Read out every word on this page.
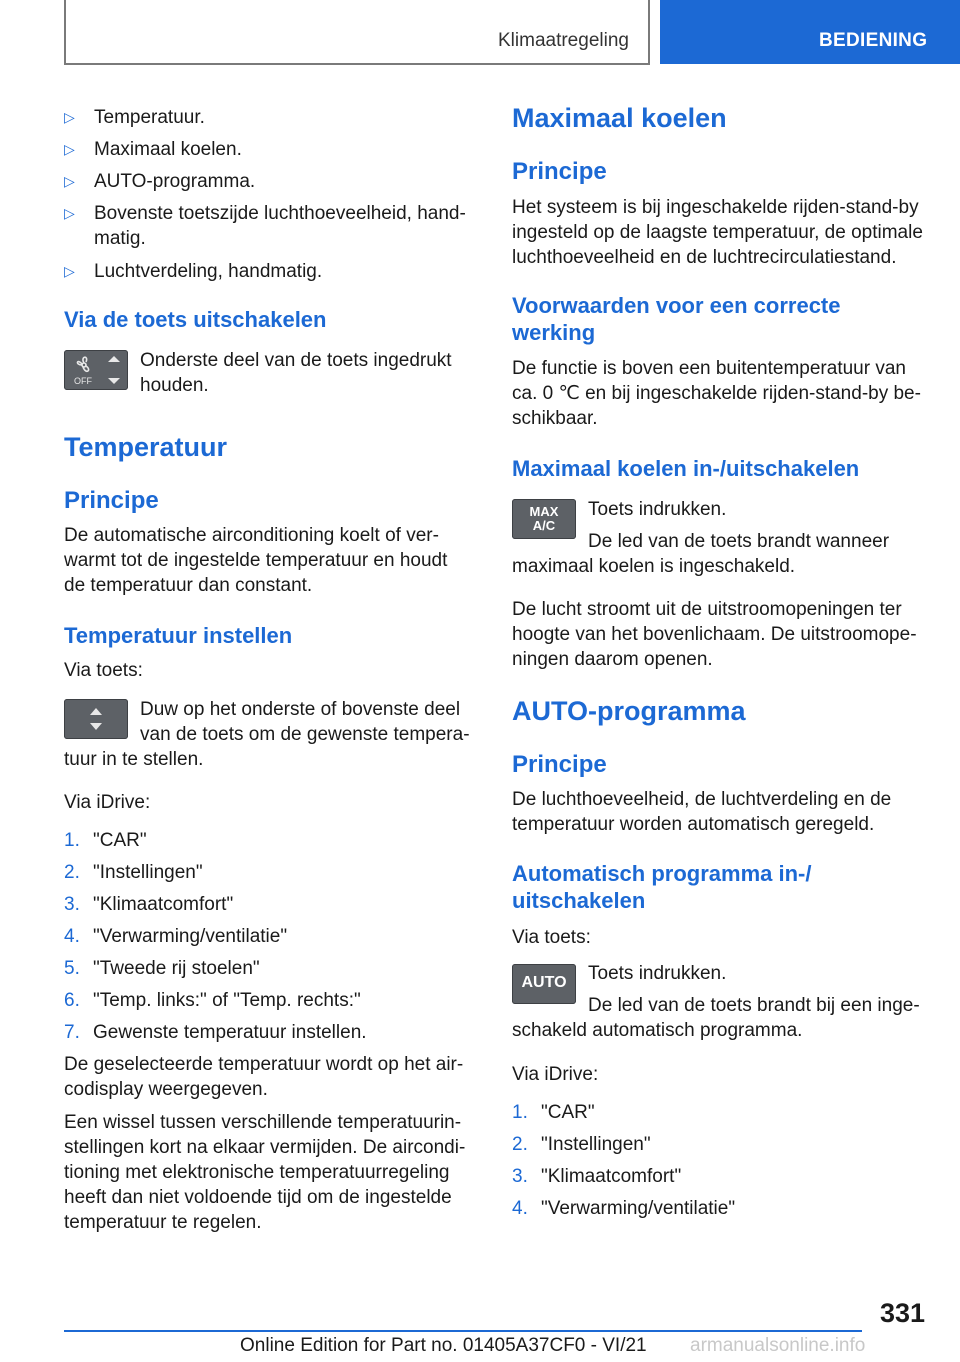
Klimaatregeling	BEDIENING
▷ Temperatuur.
▷ Maximaal koelen.
▷ AUTO-programma.
▷ Bovenste toetszijde luchthoeveelheid, hand-
matig.
▷ Luchtverdeling, handmatig.
Via de toets uitschakelen
OFF
Onderste deel van de toets ingedrukt
houden.
Temperatuur
Principe
De automatische airconditioning koelt of ver-
warmt tot de ingestelde temperatuur en houdt
de temperatuur dan constant.
Temperatuur instellen
Via toets:
Duw op het onderste of bovenste deel
van de toets om de gewenste tempera-
tuur in te stellen.
Via iDrive:
1. "CAR"
2. "Instellingen"
3. "Klimaatcomfort"
4. "Verwarming/ventilatie"
5. "Tweede rij stoelen"
6. "Temp. links:" of "Temp. rechts:"
7. Gewenste temperatuur instellen.
De geselecteerde temperatuur wordt op het air-
codisplay weergegeven.
Een wissel tussen verschillende temperatuurin-
stellingen kort na elkaar vermijden. De aircondi-
tioning met elektronische temperatuurregeling
heeft dan niet voldoende tijd om de ingestelde
temperatuur te regelen.
Maximaal koelen
Principe
Het systeem is bij ingeschakelde rijden-stand-by
ingesteld op de laagste temperatuur, de optimale
luchthoeveelheid en de luchtrecirculatiestand.
Voorwaarden voor een correcte
werking
De functie is boven een buitentemperatuur van
ca. 0 ℃ en bij ingeschakelde rijden-stand-by be-
schikbaar.
Maximaal koelen in-/uitschakelen
MAX
A/C
Toets indrukken.
De led van de toets brandt wanneer
maximaal koelen is ingeschakeld.
De lucht stroomt uit de uitstroomopeningen ter
hoogte van het bovenlichaam. De uitstroomope-
ningen daarom openen.
AUTO-programma
Principe
De luchthoeveelheid, de luchtverdeling en de
temperatuur worden automatisch geregeld.
Automatisch programma in-/
uitschakelen
Via toets:
AUTO	Toets indrukken.
De led van de toets brandt bij een inge-
schakeld automatisch programma.
Via iDrive:
1. "CAR"
2. "Instellingen"
3. "Klimaatcomfort"
4. "Verwarming/ventilatie"
331
Online Edition for Part no. 01405A37CF0 - VI/21 armanualsonline.info
